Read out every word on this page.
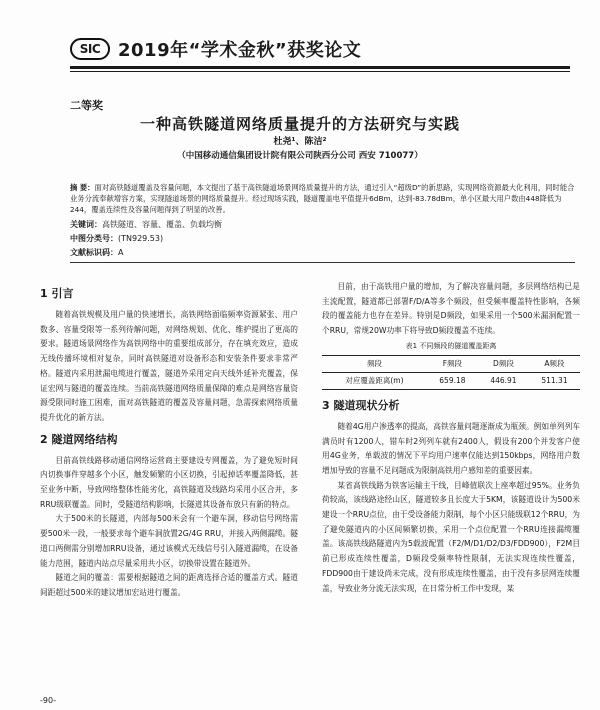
SIC 2019年“学术金秋”获奖论文
二等奖
一种高铁隧道网络质量提升的方法研究与实践
杜尧¹、陈洁²
（中国移动通信集团设计院有限公司陕西分公司 西安 710077）
摘 要：面对高铁隧道覆盖及容量问题，本文提出了基于高铁隧道场景网络质量提升的方法，通过引入“超级D”的新思路，实现网络资源最大化利用，同时能合业务分流奉献增容方案，实现隧道场景的网络质量提升。经过现场实践，隧道覆盖电平值提升6dBm，达到-83.78dBm，单小区最大用户数由448降低为244，覆盖连续性及容量问题得到了明显的改善。
关键词：高铁隧道、容量、覆盖、负载均衡
中图分类号：(TN929.53)
文献标识码：A
1 引言

随着高铁规模及用户量的快速增长，高铁网络面临频率资源紧张、用户数多、容量受限等一系列待解问题，对网络规划、优化、维护提出了更高的要求。隧道场景网络作为高铁网络中的重要组成部分，存在填充效应，造成无线传播环境相对复杂，同时高铁隧道对设备形态和安装条件要求非常严格。隧道内采用泄漏电缆进行覆盖，隧道外采用定向天线外延补充覆盖，保证宏网与隧道的覆盖连续。当前高铁隧道网络质量保障的难点是网络容量资源受限同时施工困难，面对高铁隧道的覆盖及容量问题，急需探索网络质量提升优化的新方法。

2 隧道网络结构

目前高铁线路移动通信网络运营商主要建设专网覆盖，为了避免短时间内切换事件穿越多个小区，触发频繁的小区切换，引起掉话率覆盖降低，甚至业务中断，导致网络整体性能劣化，高铁隧道及线路均采用小区合并，多RRU级联覆盖。同时，受隧道结构影响，长隧道其设备布放只有新的特点。

大于500米的长隧道，内部每500米会有一个避车洞，移动信号网络需要500米一段，一般要求每个避车洞放置2G/4G RRU，并接入两侧漏缆。隧道口两侧需分别增加RRU设备，通过该模式无线信号引入隧道漏缆，在设备能力范围，隧道内站点尽量采用共小区，切换带设置在隧道外。

隧道之间的覆盖：需要根据隧道之间的距离选择合适的覆盖方式。隧道间距超过500米的建议增加宏站进行覆盖。

目前，由于高铁用户量的增加，为了解决容量问题，多层网络结构已是主流配置，隧道都已部署F/D/A等多个频段，但受频率覆盖特性影响，各频段的覆盖能力也存在差异。特别是D频段，如果采用一个500米漏洞配置一个RRU，常规20W功率下将导致D频段覆盖不连续。

表1 不同频段的隧道覆盖距离
频段	F频段	D频段	A频段
对应覆盖距离(m)	659.18	446.91	511.31
3 隧道现状分析

随着4G用户渗透率的提高，高铁容量问题逐渐成为瓶颈。例如单列列车满员时有1200人，错车时2列列车就有2400人，假设有200个并发客户使用4G业务，单载波的情况下平均用户速率仅能达到150kbps，网络用户数增加导致的容量不足问题成为限制高铁用户感知差的重要因素。

某省高铁线路为铁客运输主干线，目峰值联次上座率超过95%。业务负荷较高，该线路途经山区，隧道较多且长度大于5KM，该隧道设计为500米建设一个RRU点位，由于受设备能力限制，每个小区只能级联12个RRU，为了避免隧道内的小区间频繁切换，采用一个点位配置一个RRU连接漏缆覆盖。该高铁线路隧道内为5载波配置（F2/M/D1/D2/D3/FDD900），F2M目前已形成连续性覆盖，D频段受频率特性限制，无法实现连续性覆盖，FDD900由于建设尚未完成，没有形成连续性覆盖，由于没有多层网连续覆盖，导致业务分流无法实现，在日常分析工作中发现，某

-90-
